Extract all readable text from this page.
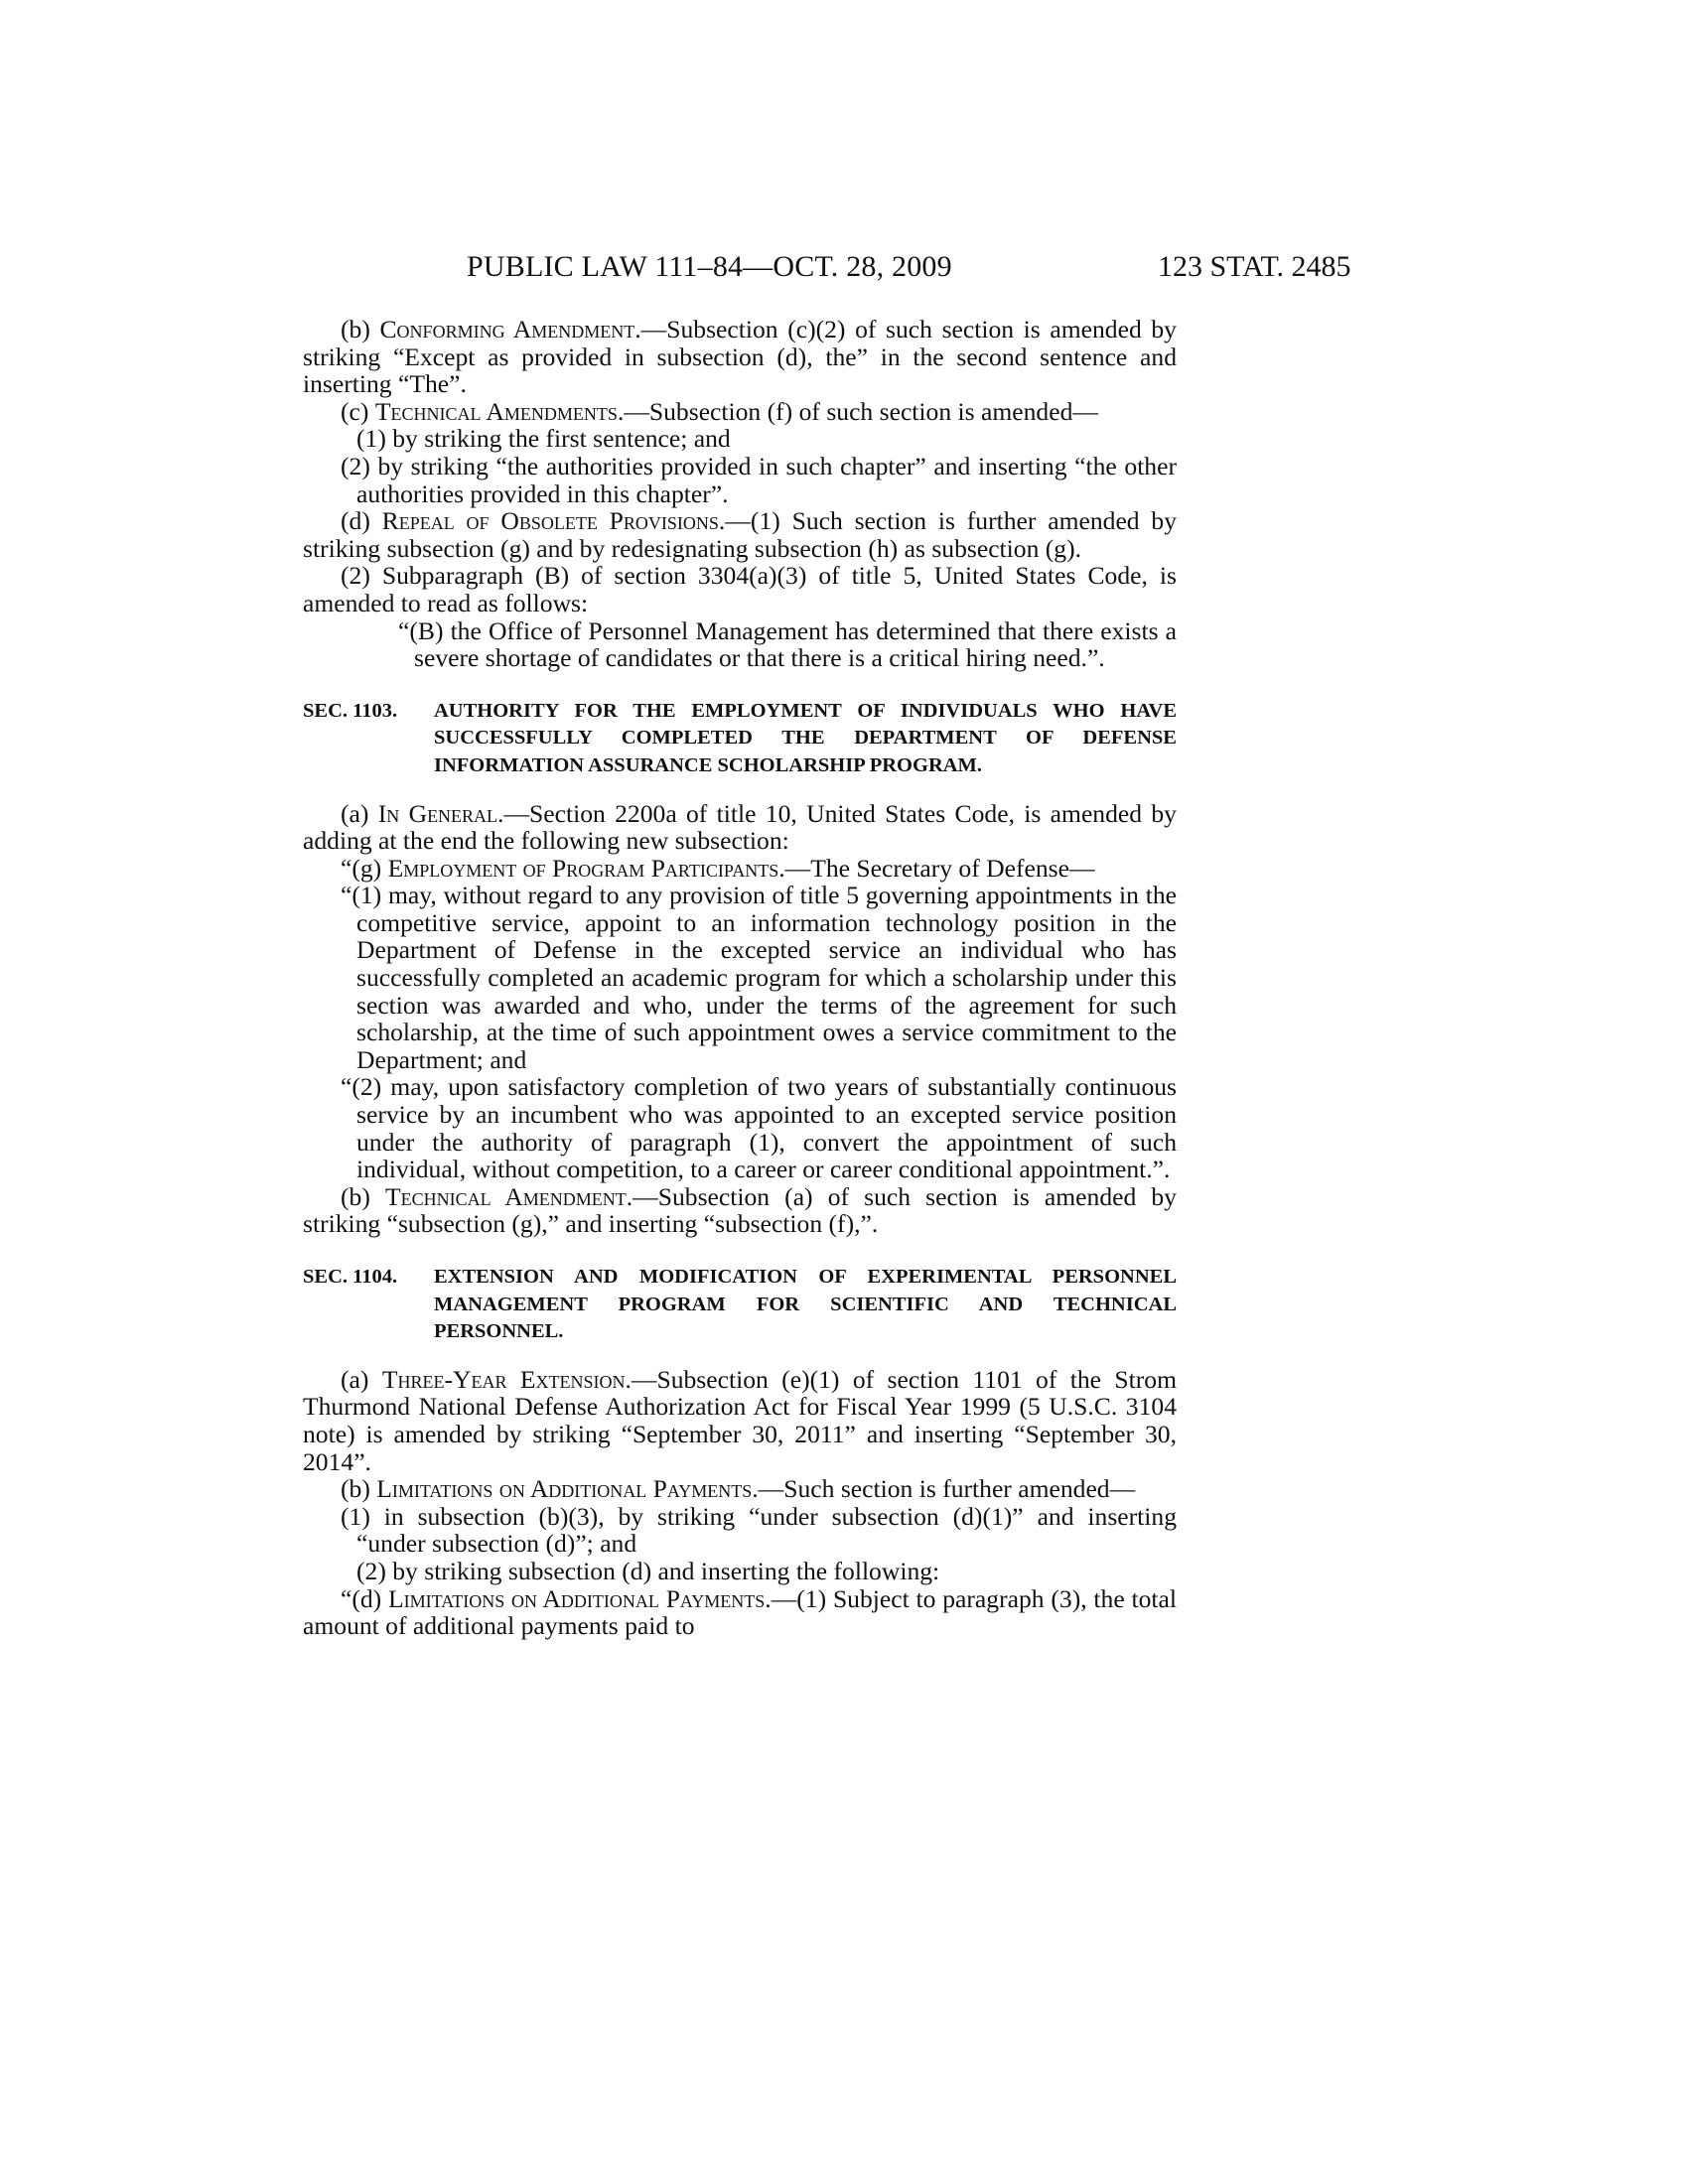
PUBLIC LAW 111–84—OCT. 28, 2009	123 STAT. 2485

(b) Conforming Amendment.—Subsection (c)(2) of such section is amended by striking “Except as provided in subsection (d), the” in the second sentence and inserting “The”.

(c) Technical Amendments.—Subsection (f) of such section is amended—

(1) by striking the first sentence; and

(2) by striking “the authorities provided in such chapter” and inserting “the other authorities provided in this chapter”.

(d) Repeal of Obsolete Provisions.—(1) Such section is further amended by striking subsection (g) and by redesignating subsection (h) as subsection (g).

(2) Subparagraph (B) of section 3304(a)(3) of title 5, United States Code, is amended to read as follows:

“(B) the Office of Personnel Management has determined that there exists a severe shortage of candidates or that there is a critical hiring need.”.

SEC. 1103.	AUTHORITY FOR THE EMPLOYMENT OF INDIVIDUALS WHO HAVE SUCCESSFULLY COMPLETED THE DEPARTMENT OF DEFENSE INFORMATION ASSURANCE SCHOLARSHIP PROGRAM.

(a) In General.—Section 2200a of title 10, United States Code, is amended by adding at the end the following new subsection:

“(g) Employment of Program Participants.—The Secretary of Defense—

“(1) may, without regard to any provision of title 5 governing appointments in the competitive service, appoint to an information technology position in the Department of Defense in the excepted service an individual who has successfully completed an academic program for which a scholarship under this section was awarded and who, under the terms of the agreement for such scholarship, at the time of such appointment owes a service commitment to the Department; and

“(2) may, upon satisfactory completion of two years of substantially continuous service by an incumbent who was appointed to an excepted service position under the authority of paragraph (1), convert the appointment of such individual, without competition, to a career or career conditional appointment.”.

(b) Technical Amendment.—Subsection (a) of such section is amended by striking “subsection (g),” and inserting “subsection (f),”.

SEC. 1104.	EXTENSION AND MODIFICATION OF EXPERIMENTAL PERSONNEL MANAGEMENT PROGRAM FOR SCIENTIFIC AND TECHNICAL PERSONNEL.

(a) Three-Year Extension.—Subsection (e)(1) of section 1101 of the Strom Thurmond National Defense Authorization Act for Fiscal Year 1999 (5 U.S.C. 3104 note) is amended by striking “September 30, 2011” and inserting “September 30, 2014”.

(b) Limitations on Additional Payments.—Such section is further amended—

(1) in subsection (b)(3), by striking “under subsection (d)(1)” and inserting “under subsection (d)”; and

(2) by striking subsection (d) and inserting the following:

“(d) Limitations on Additional Payments.—(1) Subject to paragraph (3), the total amount of additional payments paid to
